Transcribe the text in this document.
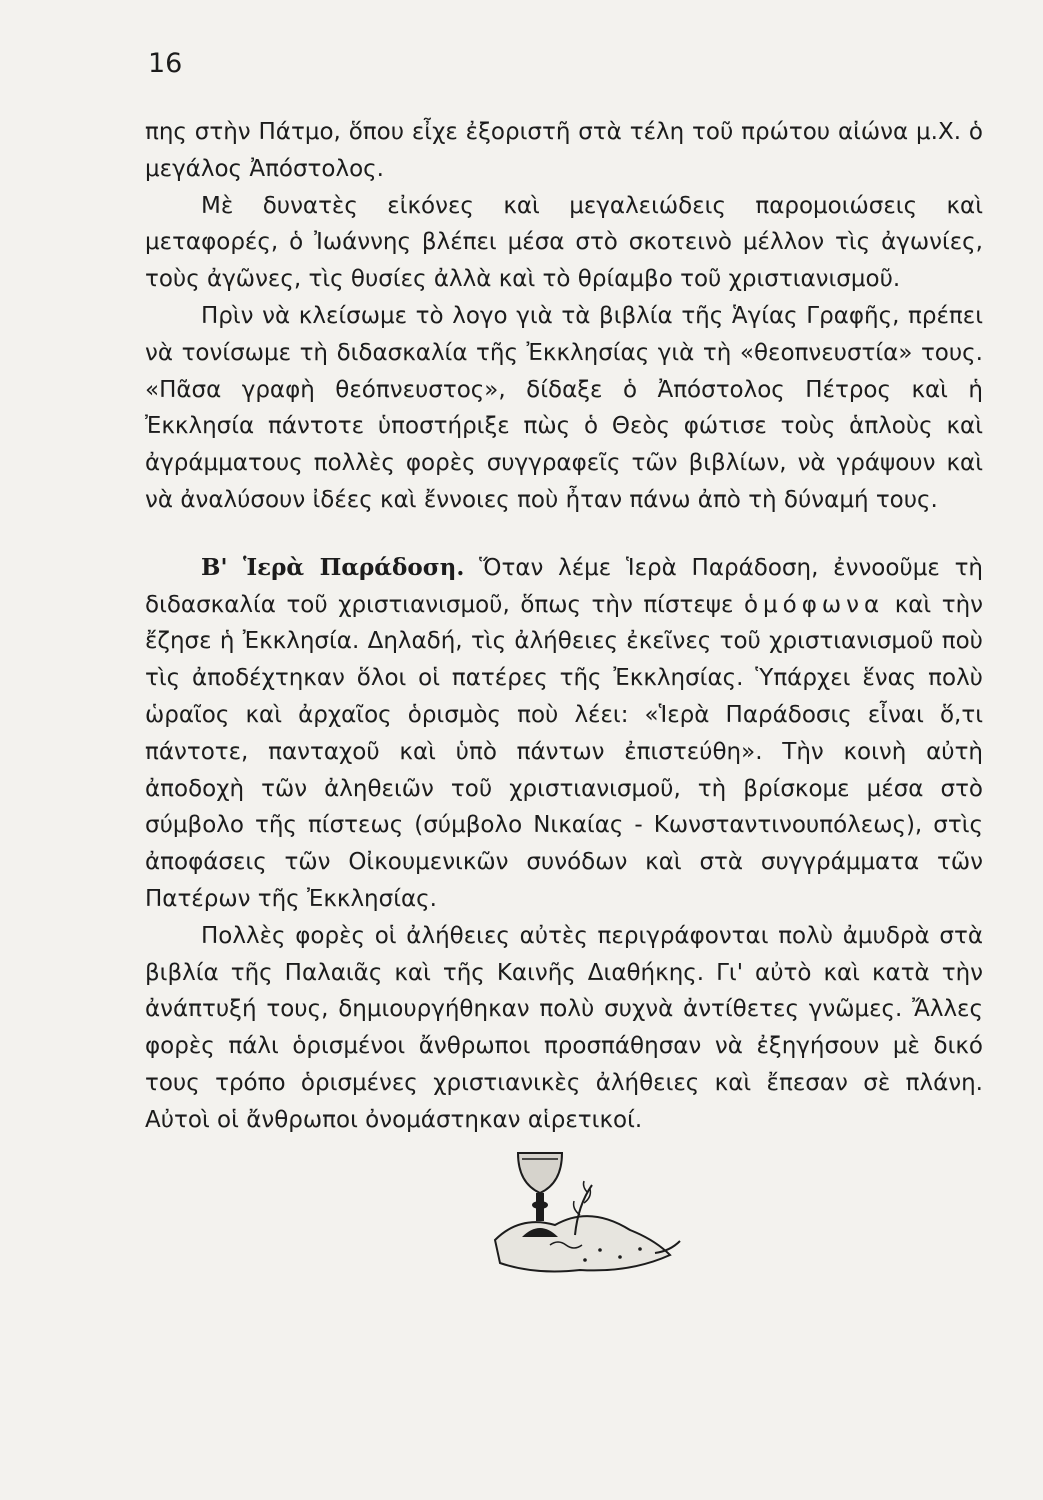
16

πης στὴν Πάτμο, ὅπου εἶχε ἐξοριστῆ στὰ τέλη τοῦ πρώτου αἰώνα μ.Χ. ὁ μεγάλος Ἀπόστολος.

Μὲ δυνατὲς εἰκόνες καὶ μεγαλειώδεις παρομοιώσεις καὶ μεταφορές, ὁ Ἰωάννης βλέπει μέσα στὸ σκοτεινὸ μέλλον τὶς ἀγωνίες, τοὺς ἀγῶνες, τὶς θυσίες ἀλλὰ καὶ τὸ θρίαμβο τοῦ χριστιανισμοῦ.

Πρὶν νὰ κλείσωμε τὸ λογο γιὰ τὰ βιβλία τῆς Ἁγίας Γραφῆς, πρέπει νὰ τονίσωμε τὴ διδασκαλία τῆς Ἐκκλησίας γιὰ τὴ «θεοπνευστία» τους. «Πᾶσα γραφὴ θεόπνευστος», δίδαξε ὁ Ἀπόστολος Πέτρος καὶ ἡ Ἐκκλησία πάντοτε ὑποστήριξε πὼς ὁ Θεὸς φώτισε τοὺς ἁπλοὺς καὶ ἀγράμματους πολλὲς φορὲς συγγραφεῖς τῶν βιβλίων, νὰ γράψουν καὶ νὰ ἀναλύσουν ἰδέες καὶ ἔννοιες ποὺ ἦταν πάνω ἀπὸ τὴ δύναμή τους.

Β' Ἱερὰ Παράδοση. Ὅταν λέμε Ἱερὰ Παράδοση, ἐννοοῦμε τὴ διδασκαλία τοῦ χριστιανισμοῦ, ὅπως τὴν πίστεψε ὁμόφωνα καὶ τὴν ἔζησε ἡ Ἐκκλησία. Δηλαδή, τὶς ἀλήθειες ἐκεῖνες τοῦ χριστιανισμοῦ ποὺ τὶς ἀποδέχτηκαν ὅλοι οἱ πατέρες τῆς Ἐκκλησίας. Ὑπάρχει ἕνας πολὺ ὡραῖος καὶ ἀρχαῖος ὁρισμὸς ποὺ λέει: «Ἱερὰ Παράδοσις εἶναι ὅ,τι πάντοτε, πανταχοῦ καὶ ὑπὸ πάντων ἐπιστεύθη». Τὴν κοινὴ αὐτὴ ἀποδοχὴ τῶν ἀληθειῶν τοῦ χριστιανισμοῦ, τὴ βρίσκομε μέσα στὸ σύμβολο τῆς πίστεως (σύμβολο Νικαίας - Κωνσταντινουπόλεως), στὶς ἀποφάσεις τῶν Οἰκουμενικῶν συνόδων καὶ στὰ συγγράμματα τῶν Πατέρων τῆς Ἐκκλησίας.

Πολλὲς φορὲς οἱ ἀλήθειες αὐτὲς περιγράφονται πολὺ ἀμυδρὰ στὰ βιβλία τῆς Παλαιᾶς καὶ τῆς Καινῆς Διαθήκης. Γι' αὐτὸ καὶ κατὰ τὴν ἀνάπτυξή τους, δημιουργήθηκαν πολὺ συχνὰ ἀντίθετες γνῶμες. Ἄλλες φορὲς πάλι ὁρισμένοι ἄνθρωποι προσπάθησαν νὰ ἐξηγήσουν μὲ δικό τους τρόπο ὁρισμένες χριστιανικὲς ἀλήθειες καὶ ἔπεσαν σὲ πλάνη. Αὐτοὶ οἱ ἄνθρωποι ὀνομάστηκαν αἱρετικοί.
